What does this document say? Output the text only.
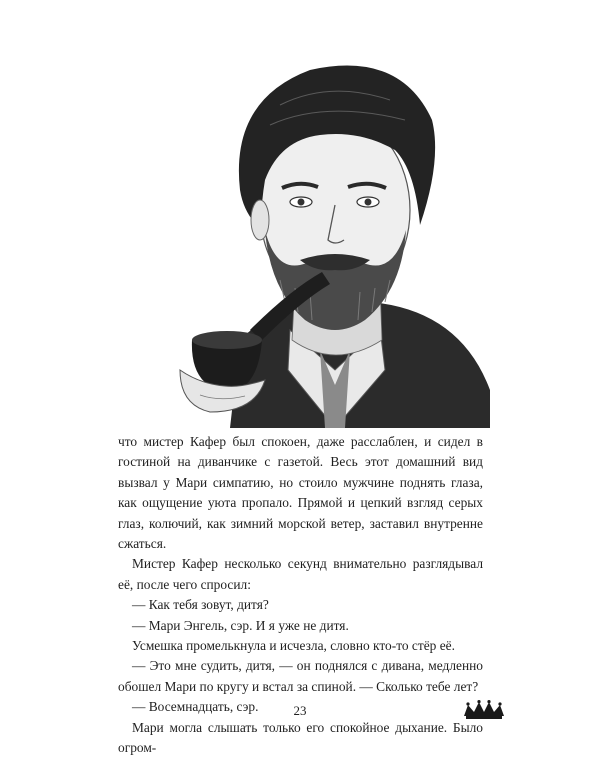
что мистер Кафер был спокоен, даже расслаблен, и сидел в гостиной на диванчике с газетой. Весь этот домашний вид вызвал у Мари симпатию, но стоило мужчине поднять глаза, как ощущение уюта пропало. Прямой и цепкий взгляд серых глаз, колючий, как зимний морской ветер, заставил внутренне сжаться.

Мистер Кафер несколько секунд внимательно разглядывал её, после чего спросил:

— Как тебя зовут, дитя?

— Мари Энгель, сэр. И я уже не дитя.

Усмешка промелькнула и исчезла, словно кто-то стёр её.

— Это мне судить, дитя, — он поднялся с дивана, медленно обошел Мари по кругу и встал за спиной. — Сколько тебе лет?

— Восемнадцать, сэр.

Мари могла слышать только его спокойное дыхание. Было огром-

23
